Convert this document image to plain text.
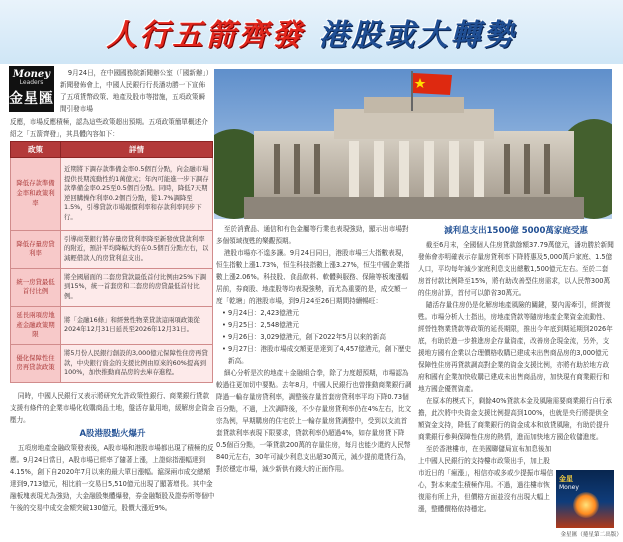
人行五箭齊發 港股或大轉勢
Money
Leaders
金星匯

9月24日，在中國國務院新聞辦公室（「國新辦」）新聞發佈會上，中國人民銀行行長潘功勝一下宣佈了五項貨幣政策、地產及股市等措施，五項政策瞬間引發市場

反應，市場反應積極，認為這些政策超出預期。五項政策簡單概述介紹之「五箭齊發」，其具體內容如下：

政策	詳情
降低存款準備金率和政策利率	近期將下調存款準備金率0.5個百分點，向金融市場提供長期流動性約1萬億元；年內可能進一步下調存款準備金率0.25至0.5個百分點。同時，降低7天期逆回購操作利率0.2個百分點，從1.7%調降至1.5%，引導貸款市場報價利率和存款利率同步下行。
降低存量房貸利率	引導商業銀行將存量房貸利率降至新發放貸款利率的附近，預計平均降幅大約在0.5個百分點左右，以減輕借款人的房貸利息支出。
統一房貸最低首付比例	將全國層面的二套房貸款最低首付比例由25%下調到15%，統一首套房和二套房的房貸最低首付比例。
延長兩項房地產金融政策期限	將「金融16條」和經營性物業貸款這兩項政策從2024年12月31日延長至2026年12月31日。
優化保障性住房再貸款政策	將5月份人民銀行創設的3,000億元保障性住房再貸款，中央銀行資金的支援比例由原來的60%提高到100%，加快推動商品房的去庫存進程。

同時，中國人民銀行又表示將研究允許政策性銀行、商業銀行貸款支援有條件的企業市場化收購商品土地，盤活存量用地，緩解房企資金壓力。

A股港股點火爆升

五項房地產金融政策發表後，A股市場和港股市場都出現了積極的反應。9月24日當日，A股市場已經率了隨著上漲，上證綜指漲幅達到4.15%，創下自2020年7月以來的最大單日漲幅。滬深兩市成交總額達到9,713億元，相比前一交易日5,510億元出現了顯著增長。其中金融板塊表現尤為強勁，大金融股集體爆發，券金融類股及證券所等個中午後的交易中成交金額突破130億元，股價大漲近9%。

至於消費品、通信和有色金屬等行業也表現強勁，顯示出市場對多個領域復甦的樂觀預期。

港股市場亦不遑多讓。9月24日同日，港股市場三大指數表現，恒生指數上漲1.73%，恒生科技指數上漲3.27%，恒生中國企業指數上漲2.06%。科技股、食品飲料、軟體與服務、保險等板塊漲幅居前，券商股、地產股等均表現強勢，而尤為重要的是，成交額一度「乾塘」的港股市場，到9月24至26日期間持續暢旺：

• 9月24日：2,423億港元
• 9月25日：2,548億港元
• 9月26日：3,029億港元，創下2022年5月以來的新高
• 9月27日：港股市場成交額更是達到了4,457億港元，創下歷史新高。

細心分析是次的地產＋金融組合拳，除了力度超預期，市場認為較過往更加切中要點。去年8月，中國人民銀行也曾推動商業銀行調降過一輪存量房貸利率，調整後存量首套房貸利率平均下降0.73個百分點，不過，上次調降後，不少存量房貸利率仍在4%左右，比文宗為例，早期購房的住宅於上一輪存量房貸調整中，受到以支流首套貸款利率表現下限要求，貸款利率仍超過4%，如存量房貸下降0.5個百分點，一筆貸款200萬的存量住房，每月也能少還約人民幣840元左右，30年可減少利息支出超30萬元，減少提前還貸行為，對於穩定市場，減少新供有錢大的正面作用。

減利息支出1500億 5000萬家庭受惠

截至6月末，全國個人住房貸款餘額37.79萬億元，潘功勝於新聞發佈會亦明確表示存量房貸利率下降將惠及5,000萬戶家庭、1.5億人口，平均每年減少家庭利息支出總數1,500億元左右。至於二套房首付款比例降至15%，將有助改善型住房需求，以人民幣300萬的住房計算，首付可以節省30萬元。

隨活存量住房仍是化解房地產風險的關鍵，要內需牽引，經濟復甦。市場分析人士指出，房地產貸款等隨房地產企業資金流動性、經營性物業貸款等政策的延長期限，推出今年底到期延期到2026年底，有助於進一步推進房企存量資產，改善房企現金流，另外，支援地方國有企業以合理價格收購已建成未出售商品房的3,000億元保障性住房再貸款調高對企業的資金支援比例，亦將有助於地方政府和國有企業加快收購已建成未出售商品房，加快現有商業銀行和地方國企優質資產。

在原本的模式下，剩餘40%貸款本金及風險需要商業銀行自行承擔，此次將中央資金支援比例提高到100%，也就是央行將提供全額資金支持，降低了商業銀行的資金成本和放貸風險，有助於提升商業銀行參與保障性住房的熱情，進而加快地方國企收儲進度。

至於香港樓市，在美國聯儲局宣布加息後加上中國人民銀行的支持樓市政策出手，加上股市近日的「瘋漲」，相信亦或多或少提振市場信心，對本來產生積極作用。不過，過往樓市恢復需有所上升，但價格方面並沒有出現大幅上漲，整體價格依持穩定。

金星
Money
金星匯（捲星第二出版）
